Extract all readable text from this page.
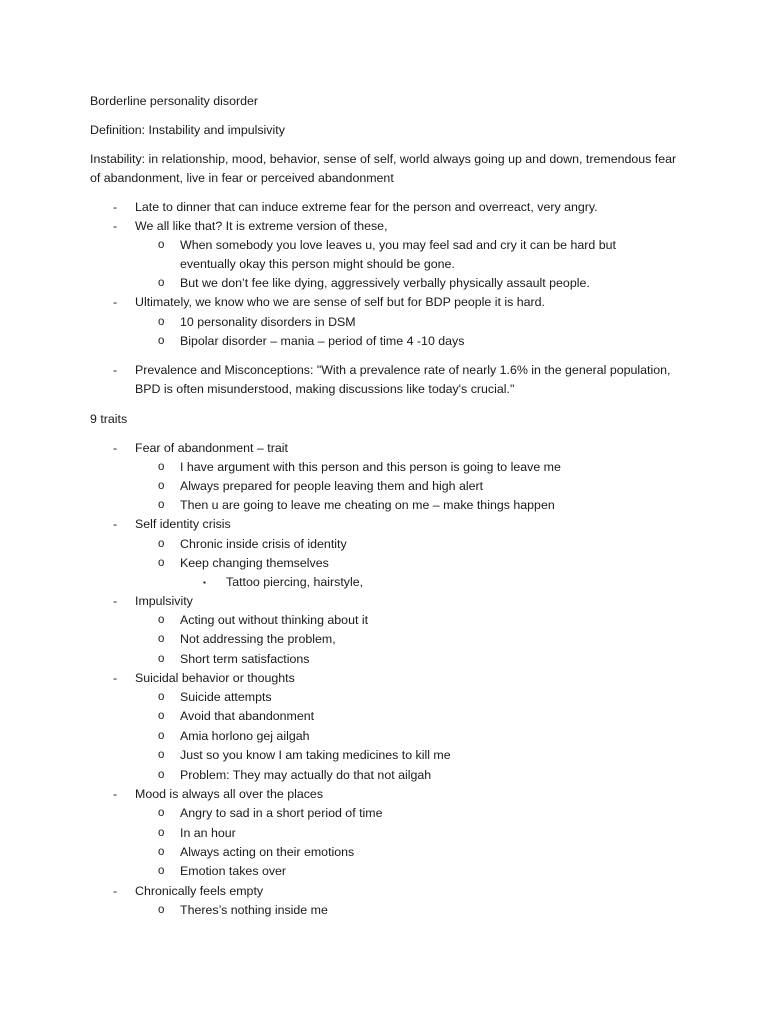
Borderline personality disorder

Definition: Instability and impulsivity

Instability: in relationship, mood, behavior, sense of self, world always going up and down, tremendous fear of abandonment, live in fear or perceived abandonment

- Late to dinner that can induce extreme fear for the person and overreact, very angry.
- We all like that? It is extreme version of these,
o When somebody you love leaves u, you may feel sad and cry it can be hard but eventually okay this person might should be gone.
o But we don’t fee like dying, aggressively verbally physically assault people.
- Ultimately, we know who we are sense of self but for BDP people it is hard.
o 10 personality disorders in DSM
o Bipolar disorder – mania – period of time 4 -10 days
- Prevalence and Misconceptions: "With a prevalence rate of nearly 1.6% in the general population, BPD is often misunderstood, making discussions like today's crucial."

9 traits

- Fear of abandonment – trait
o I have argument with this person and this person is going to leave me
o Always prepared for people leaving them and high alert
o Then u are going to leave me cheating on me – make things happen
- Self identity crisis
o Chronic inside crisis of identity
o Keep changing themselves
▪ Tattoo piercing, hairstyle,
- Impulsivity
o Acting out without thinking about it
o Not addressing the problem,
o Short term satisfactions
- Suicidal behavior or thoughts
o Suicide attempts
o Avoid that abandonment
o Amia horlono gej ailgah
o Just so you know I am taking medicines to kill me
o Problem: They may actually do that not ailgah
- Mood is always all over the places
o Angry to sad in a short period of time
o In an hour
o Always acting on their emotions
o Emotion takes over
- Chronically feels empty
o Theres’s nothing inside me
